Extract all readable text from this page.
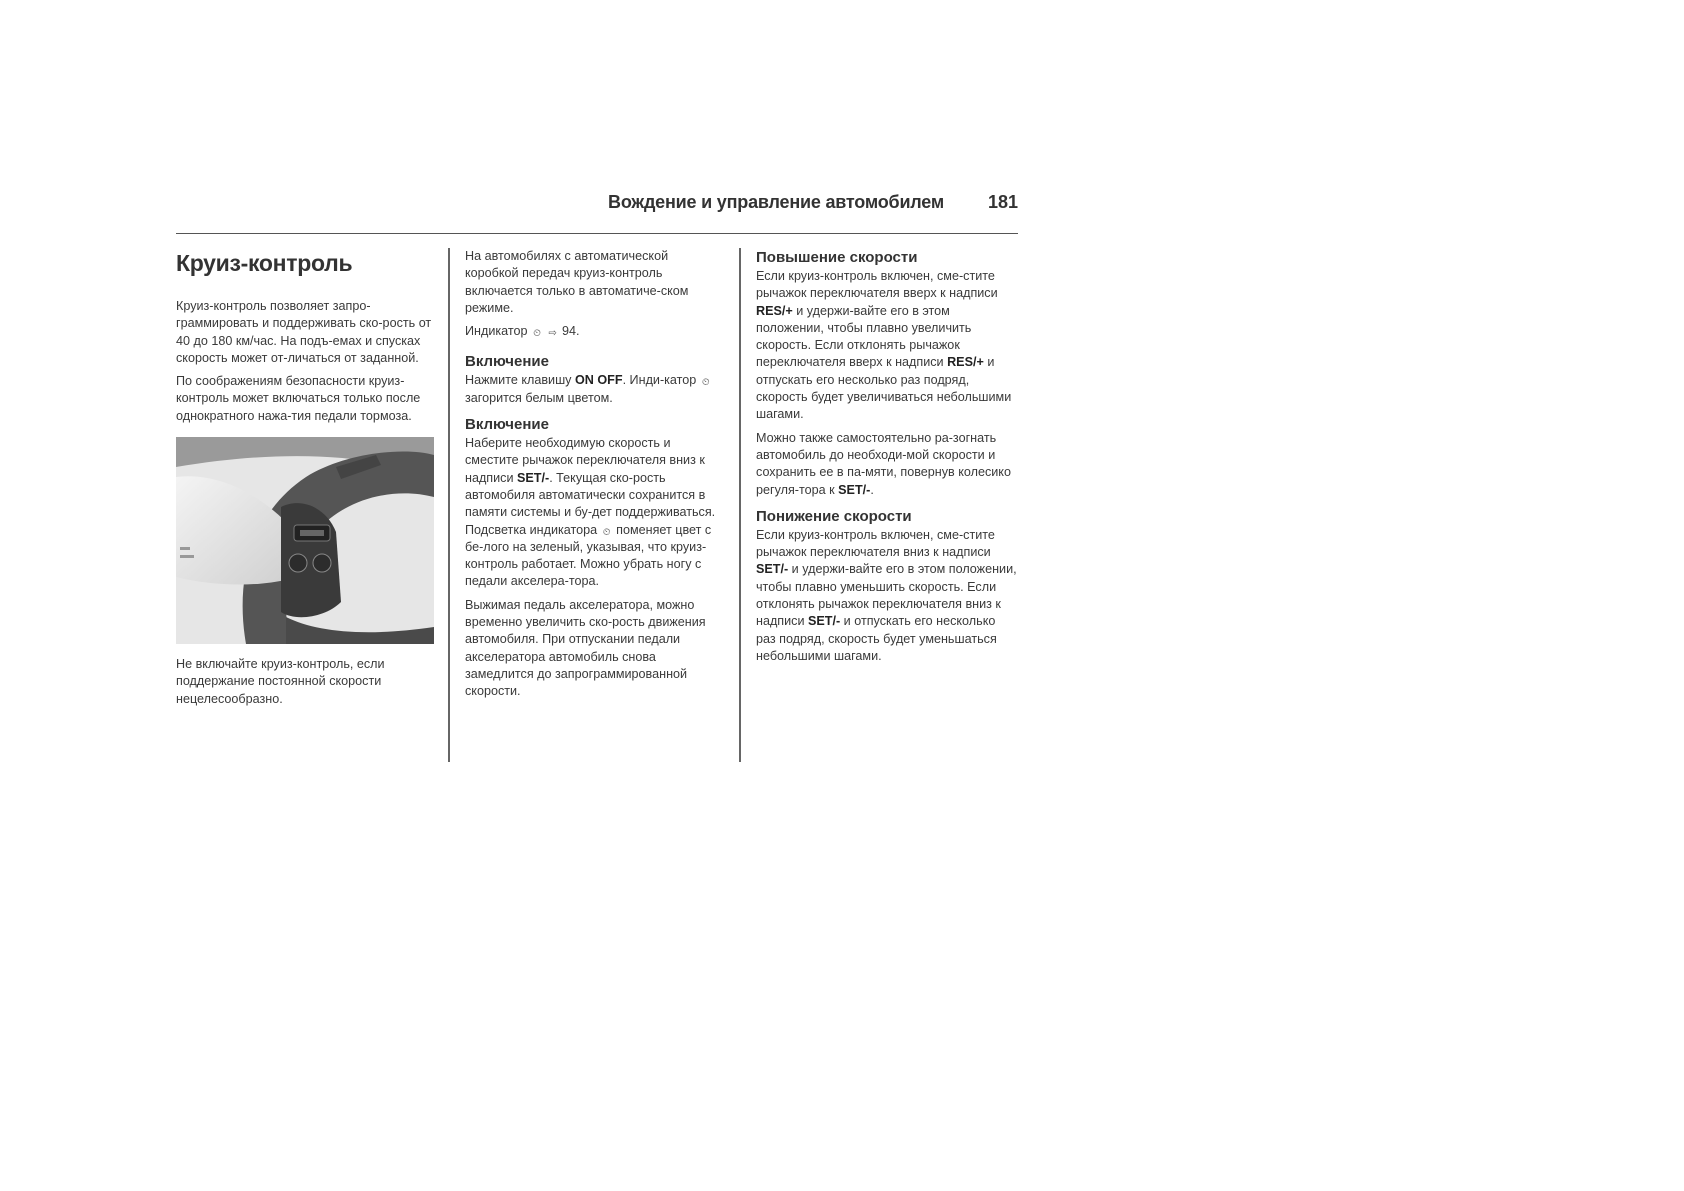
Вождение и управление автомобилем 181
Круиз-контроль

Круиз-контроль позволяет запро-граммировать и поддерживать ско-рость от 40 до 180 км/час. На подъ-емах и спусках скорость может от-личаться от заданной.

По соображениям безопасности круиз-контроль может включаться только после однократного нажа-тия педали тормоза.

Не включайте круиз-контроль, если поддержание постоянной скорости нецелесообразно.

На автомобилях с автоматической коробкой передач круиз-контроль включается только в автоматиче-ском режиме.

Индикатор ⏲ ⇨ 94.

Включение

Нажмите клавишу ON OFF. Инди-катор ⏲ загорится белым цветом.

Включение

Наберите необходимую скорость и сместите рычажок переключателя вниз к надписи SET/-. Текущая ско-рость автомобиля автоматически сохранится в памяти системы и бу-дет поддерживаться. Подсветка индикатора ⏲ поменяет цвет с бе-лого на зеленый, указывая, что круиз-контроль работает. Можно убрать ногу с педали акселера-тора.

Выжимая педаль акселератора, можно временно увеличить ско-рость движения автомобиля. При отпускании педали акселератора автомобиль снова замедлится до запрограммированной скорости.

Повышение скорости

Если круиз-контроль включен, сме-стите рычажок переключателя вверх к надписи RES/+ и удержи-вайте его в этом положении, чтобы плавно увеличить скорость. Если отклонять рычажок переключателя вверх к надписи RES/+ и отпускать его несколько раз подряд, скорость будет увеличиваться небольшими шагами.

Можно также самостоятельно ра-зогнать автомобиль до необходи-мой скорости и сохранить ее в па-мяти, повернув колесико регуля-тора к SET/-.

Понижение скорости

Если круиз-контроль включен, сме-стите рычажок переключателя вниз к надписи SET/- и удержи-вайте его в этом положении, чтобы плавно уменьшить скорость. Если отклонять рычажок переключателя вниз к надписи SET/- и отпускать его несколько раз подряд, скорость будет уменьшаться небольшими шагами.
